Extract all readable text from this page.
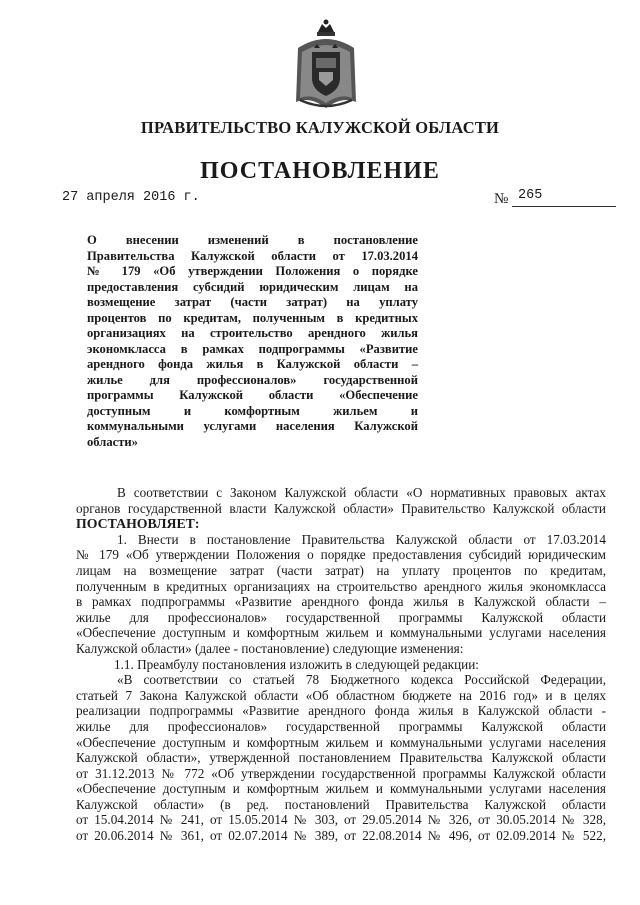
ПРАВИТЕЛЬСТВО КАЛУЖСКОЙ ОБЛАСТИ
ПОСТАНОВЛЕНИЕ
27 апреля 2016 г.	№ 265
О внесении изменений в постановление
Правительства Калужской области от 17.03.2014
№ 179 «Об утверждении Положения о порядке
предоставления субсидий юридическим лицам на
возмещение затрат (части затрат) на уплату
процентов по кредитам, полученным в кредитных
организациях на строительство арендного жилья
экономкласса в рамках подпрограммы «Развитие
арендного фонда жилья в Калужской области –
жилье для профессионалов» государственной
программы Калужской области «Обеспечение
доступным и комфортным жильем и
коммунальными услугами населения Калужской
области»
В соответствии с Законом Калужской области «О нормативных правовых актах
органов государственной власти Калужской области» Правительство Калужской области
ПОСТАНОВЛЯЕТ:
1. Внести в постановление Правительства Калужской области от 17.03.2014
№ 179 «Об утверждении Положения о порядке предоставления субсидий юридическим
лицам на возмещение затрат (части затрат) на уплату процентов по кредитам,
полученным в кредитных организациях на строительство арендного жилья экономкласса
в рамках подпрограммы «Развитие арендного фонда жилья в Калужской области –
жилье для профессионалов» государственной программы Калужской области
«Обеспечение доступным и комфортным жильем и коммунальными услугами населения
Калужской области» (далее - постановление) следующие изменения:
1.1. Преамбулу постановления изложить в следующей редакции:
«В соответствии со статьей 78 Бюджетного кодекса Российской Федерации,
статьей 7 Закона Калужской области «Об областном бюджете на 2016 год» и в целях
реализации подпрограммы «Развитие арендного фонда жилья в Калужской области -
жилье для профессионалов» государственной программы Калужской области
«Обеспечение доступным и комфортным жильем и коммунальными услугами населения
Калужской области», утвержденной постановлением Правительства Калужской области
от 31.12.2013 № 772 «Об утверждении государственной программы Калужской области
«Обеспечение доступным и комфортным жильем и коммунальными услугами населения
Калужской области» (в ред. постановлений Правительства Калужской области
от 15.04.2014 № 241, от 15.05.2014 № 303, от 29.05.2014 № 326, от 30.05.2014 № 328,
от 20.06.2014 № 361, от 02.07.2014 № 389, от 22.08.2014 № 496, от 02.09.2014 № 522,
